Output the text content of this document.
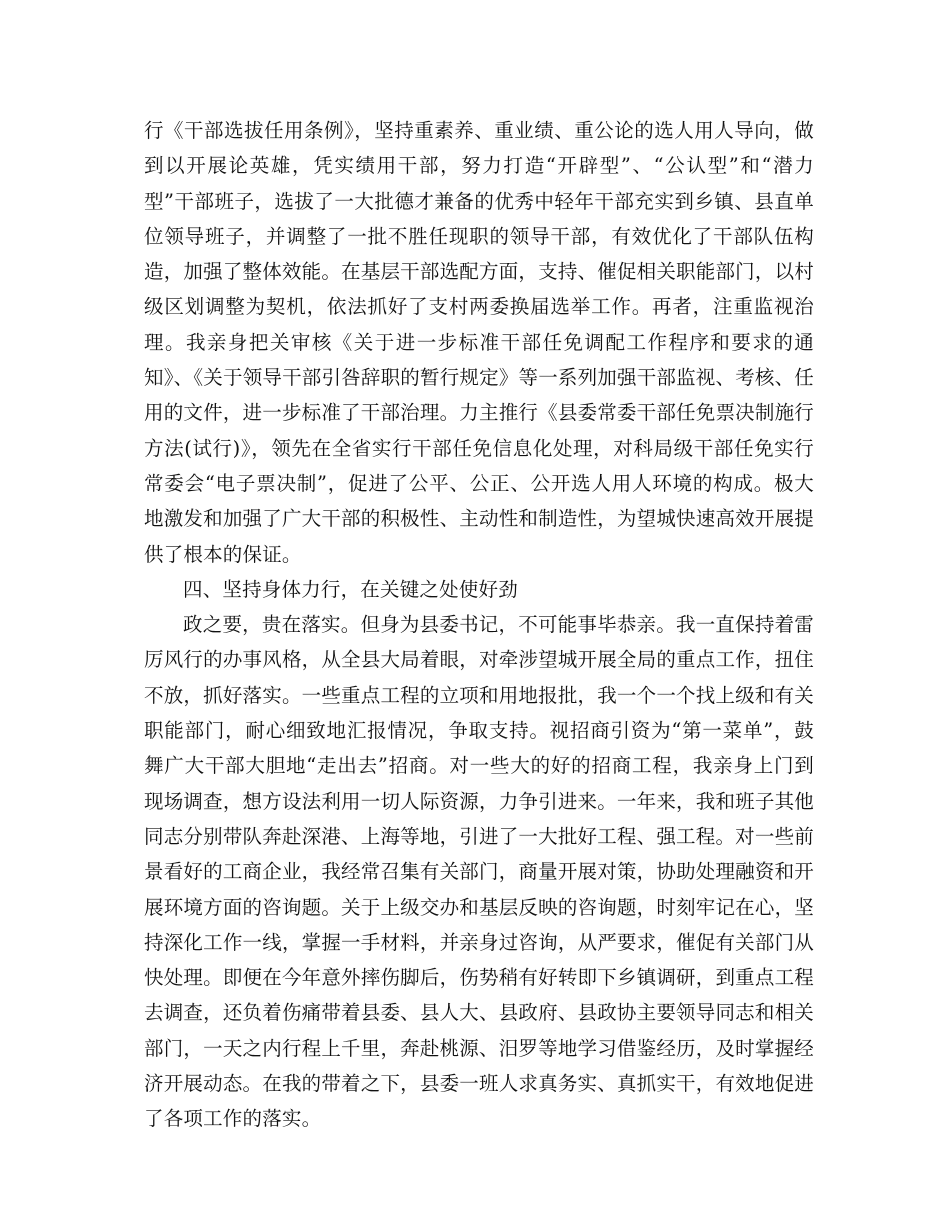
行《干部选拔任用条例》，坚持重素养、重业绩、重公论的选人用人导向，做到以开展论英雄，凭实绩用干部，努力打造“开辟型”、“公认型”和“潜力型”干部班子，选拔了一大批德才兼备的优秀中轻年干部充实到乡镇、县直单位领导班子，并调整了一批不胜任现职的领导干部，有效优化了干部队伍构造，加强了整体效能。在基层干部选配方面，支持、催促相关职能部门，以村级区划调整为契机，依法抓好了支村两委换届选举工作。再者，注重监视治理。我亲身把关审核《关于进一步标准干部任免调配工作程序和要求的通知》、《关于领导干部引咎辞职的暂行规定》等一系列加强干部监视、考核、任用的文件，进一步标准了干部治理。力主推行《县委常委干部任免票决制施行方法(试行)》，领先在全省实行干部任免信息化处理，对科局级干部任免实行常委会“电子票决制”，促进了公平、公正、公开选人用人环境的构成。极大地激发和加强了广大干部的积极性、主动性和制造性，为望城快速高效开展提供了根本的保证。

四、坚持身体力行，在关键之处使好劲

政之要，贵在落实。但身为县委书记，不可能事毕恭亲。我一直保持着雷厉风行的办事风格，从全县大局着眼，对牵涉望城开展全局的重点工作，扭住不放，抓好落实。一些重点工程的立项和用地报批，我一个一个找上级和有关职能部门，耐心细致地汇报情况，争取支持。视招商引资为“第一菜单”，鼓舞广大干部大胆地“走出去”招商。对一些大的好的招商工程，我亲身上门到现场调查，想方设法利用一切人际资源，力争引进来。一年来，我和班子其他同志分别带队奔赴深港、上海等地，引进了一大批好工程、强工程。对一些前景看好的工商企业，我经常召集有关部门，商量开展对策，协助处理融资和开展环境方面的咨询题。关于上级交办和基层反映的咨询题，时刻牢记在心，坚持深化工作一线，掌握一手材料，并亲身过咨询，从严要求，催促有关部门从快处理。即便在今年意外摔伤脚后，伤势稍有好转即下乡镇调研，到重点工程去调查，还负着伤痛带着县委、县人大、县政府、县政协主要领导同志和相关部门，一天之内行程上千里，奔赴桃源、汨罗等地学习借鉴经历，及时掌握经济开展动态。在我的带着之下，县委一班人求真务实、真抓实干，有效地促进了各项工作的落实。
